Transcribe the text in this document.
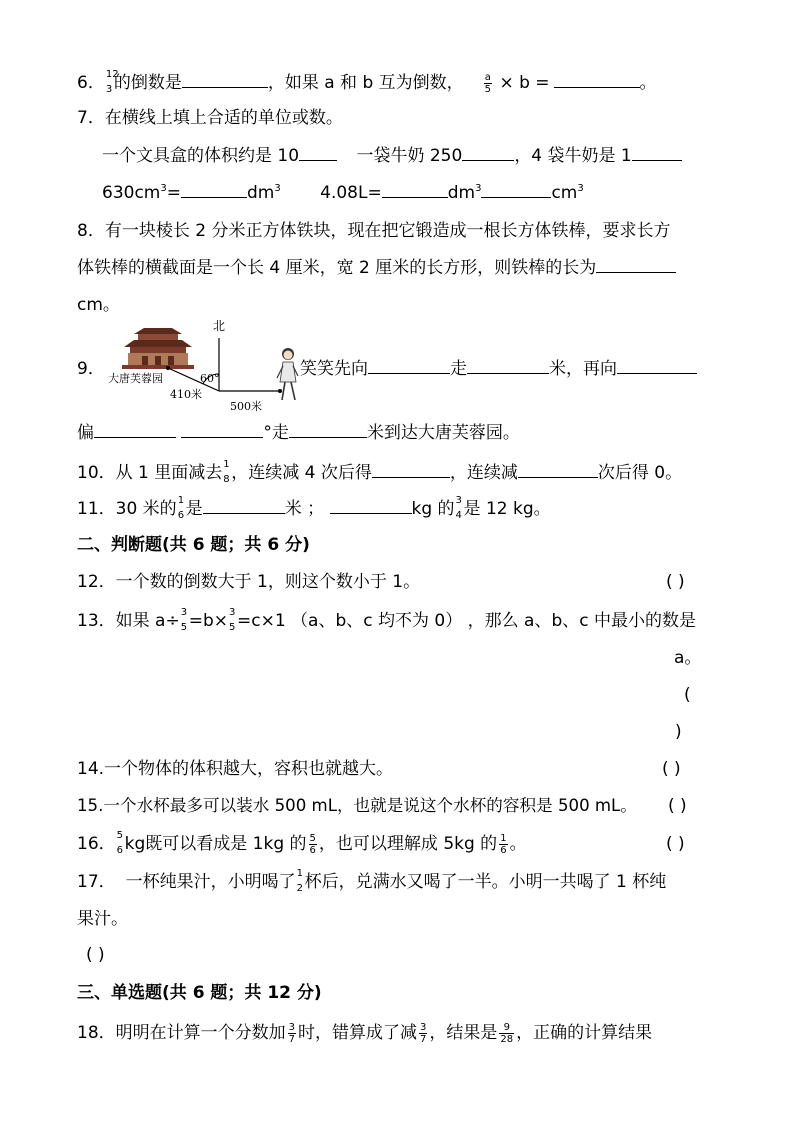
6． 12
3 的倒数是	，如果 a 和 b 互为倒数， $\frac{a}{5} \times b$ =	。
7．在横线上填上合适的单位或数。
一个文具盒的体积约是 10	一袋牛奶 250	，4 袋牛奶是 1
$630cm^3=$	$dm^3$ 4.08L=	$dm^3$	$cm^3$
8．有一块棱长 2 分米正方体铁块，现在把它锻造成一根长方体铁棒，要求长方
体铁棒的横截面是一个长 4 厘米，宽 2 厘米的长方形，则铁棒的长为
cm。
9．
北
大唐芙蓉园	60°
410米
500米
笑笑先向	走	米，再向
偏	°走	米到达大唐芙蓉园。
10．从 1 里面减去 1
8 ，连续减 4 次后得	，连续减	次后得 0。
11．30 米的 1
6 是	米 ；	kg 的 3
4 是 12 kg。
二、判断题(共 6 题；共 6 分)
12．一个数的倒数大于 1，则这个数小于 1。	( )
13．如果 a÷ 3
5 =b× 3
5 =c×1 （a、b、c 均不为 0） ，那么 a、b、c 中最小的数是
a。
(
)
14.一个物体的体积越大，容积也就越大。	( )
15.一个水杯最多可以装水 500 mL，也就是说这个水杯的容积是 500 mL。 ( )
16． 5
6 kg既可以看成是 1kg 的 $\frac{5}{6}$ ，也可以理解成 5kg 的 $\frac{1}{6}$ 。	( )
17． 一杯纯果汁，小明喝了 1
2 杯后，兑满水又喝了一半。小明一共喝了 1 杯纯
果汁。
( )
三、单选题(共 6 题；共 12 分)
18．明明在计算一个分数加 $\frac{3}{7}$ 时，错算成了减 $\frac{3}{7}$ ，结果是 $\frac{9}{28}$ ，正确的计算结果
